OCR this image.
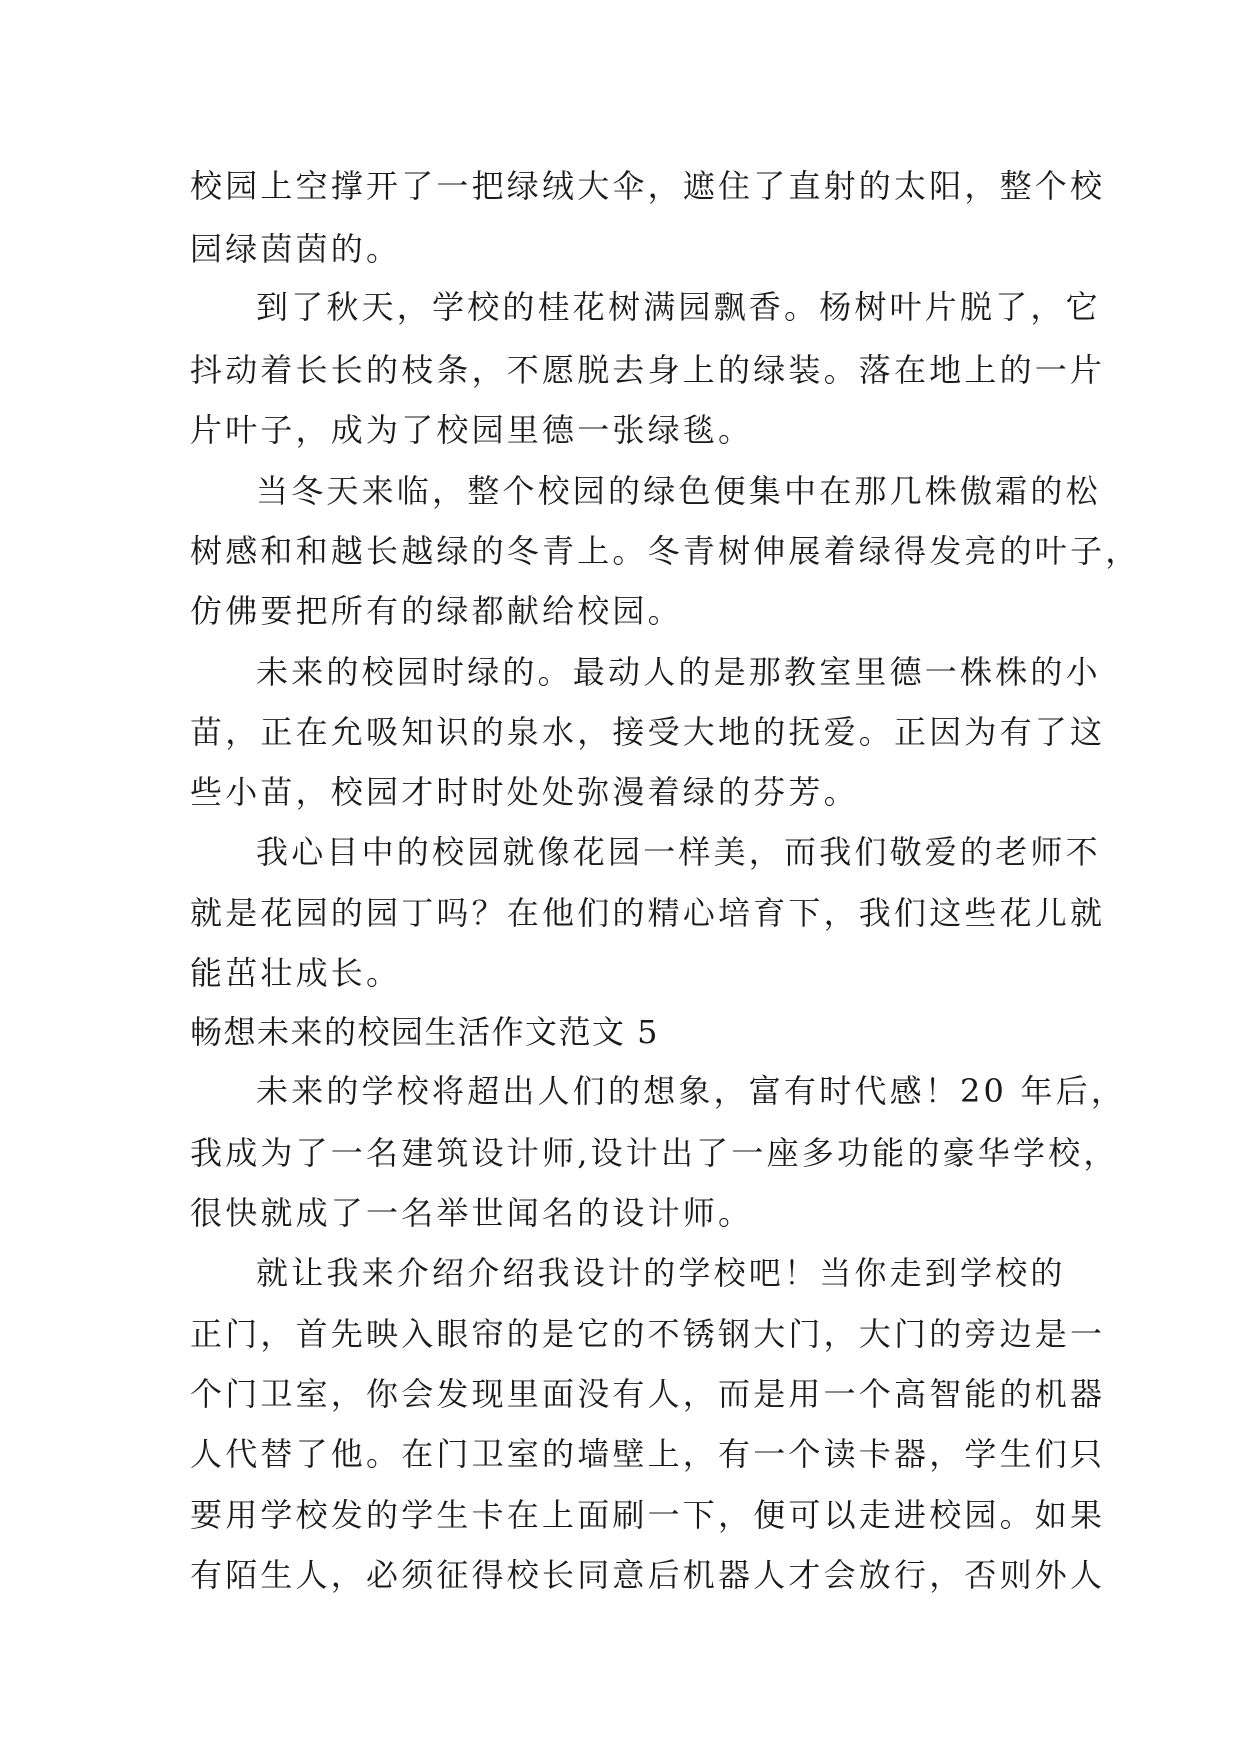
校园上空撑开了一把绿绒大伞，遮住了直射的太阳，整个校
园绿茵茵的。
到了秋天，学校的桂花树满园飘香。杨树叶片脱了，它
抖动着长长的枝条，不愿脱去身上的绿装。落在地上的一片
片叶子，成为了校园里德一张绿毯。
当冬天来临，整个校园的绿色便集中在那几株傲霜的松
树感和和越长越绿的冬青上。冬青树伸展着绿得发亮的叶子，
仿佛要把所有的绿都献给校园。
未来的校园时绿的。最动人的是那教室里德一株株的小
苗，正在允吸知识的泉水，接受大地的抚爱。正因为有了这
些小苗，校园才时时处处弥漫着绿的芬芳。
我心目中的校园就像花园一样美，而我们敬爱的老师不
就是花园的园丁吗？在他们的精心培育下，我们这些花儿就
能茁壮成长。
畅想未来的校园生活作文范文 5
未来的学校将超出人们的想象，富有时代感！20 年后，
我成为了一名建筑设计师,设计出了一座多功能的豪华学校，
很快就成了一名举世闻名的设计师。
就让我来介绍介绍我设计的学校吧！当你走到学校的
正门，首先映入眼帘的是它的不锈钢大门，大门的旁边是一
个门卫室，你会发现里面没有人，而是用一个高智能的机器
人代替了他。在门卫室的墙壁上，有一个读卡器，学生们只
要用学校发的学生卡在上面刷一下，便可以走进校园。如果
有陌生人，必须征得校长同意后机器人才会放行，否则外人
